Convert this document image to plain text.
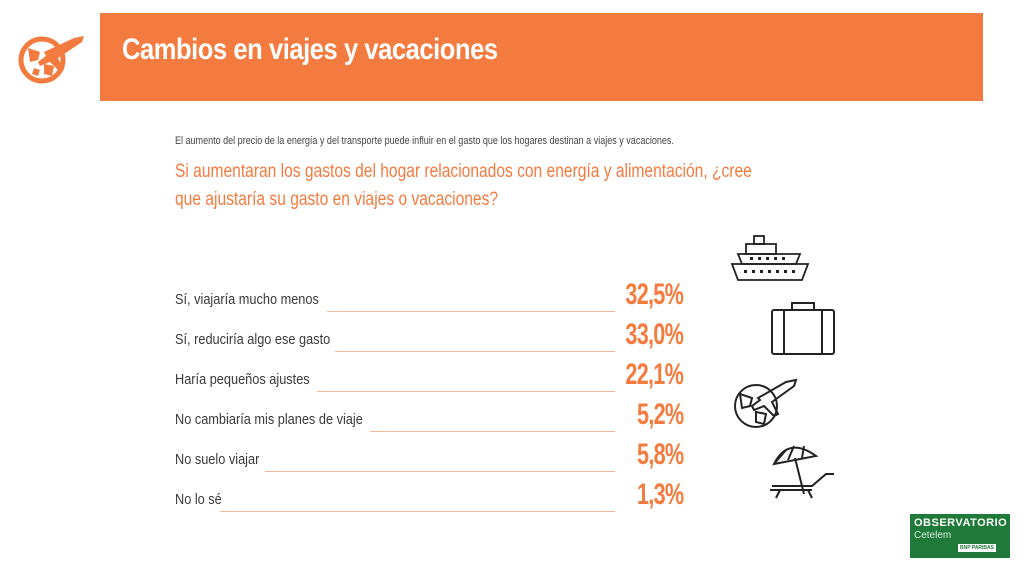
Cambios en viajes y vacaciones

El aumento del precio de la energía y del transporte puede influir en el gasto que los hogares destinan a viajes y vacaciones.

Si aumentaran los gastos del hogar relacionados con energía y alimentación, ¿cree que ajustaría su gasto en viajes o vacaciones?

Sí, viajaría mucho menos	32,5%
Sí, reduciría algo ese gasto	33,0%
Haría pequeños ajustes	22,1%
No cambiaría mis planes de viaje	5,2%
No suelo viajar	5,8%
No lo sé	1,3%
OBSERVATORIO
Cetelem
BNP PARIBAS
